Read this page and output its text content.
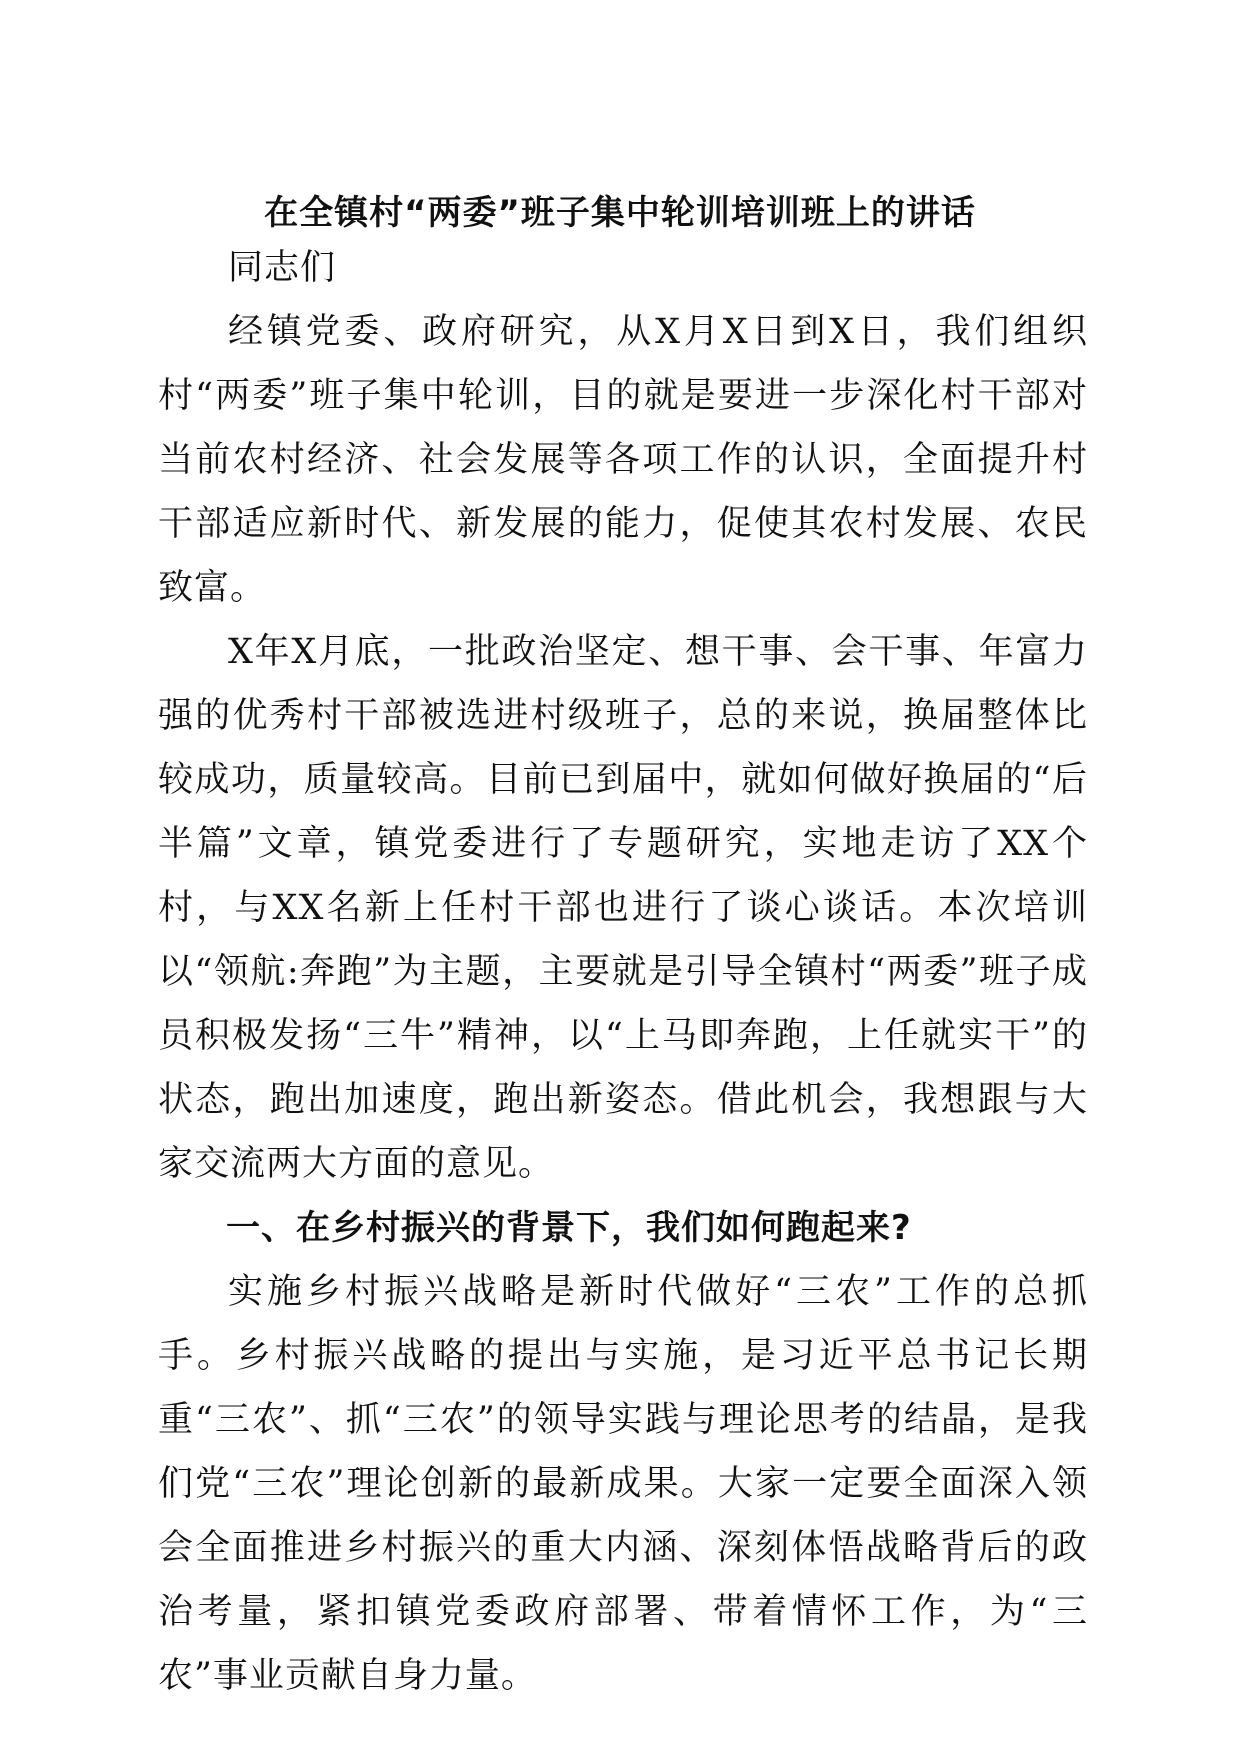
在全镇村“两委”班子集中轮训培训班上的讲话

同志们

经镇党委、政府研究，从X月X日到X日，我们组织村“两委”班子集中轮训，目的就是要进一步深化村干部对当前农村经济、社会发展等各项工作的认识，全面提升村干部适应新时代、新发展的能力，促使其农村发展、农民致富。

X年X月底，一批政治坚定、想干事、会干事、年富力强的优秀村干部被选进村级班子，总的来说，换届整体比较成功，质量较高。目前已到届中，就如何做好换届的“后半篇”文章，镇党委进行了专题研究，实地走访了XX个村，与XX名新上任村干部也进行了谈心谈话。本次培训以“领航:奔跑”为主题，主要就是引导全镇村“两委”班子成员积极发扬“三牛”精神，以“上马即奔跑，上任就实干”的状态，跑出加速度，跑出新姿态。借此机会，我想跟与大家交流两大方面的意见。

一、在乡村振兴的背景下，我们如何跑起来?

实施乡村振兴战略是新时代做好“三农”工作的总抓手。乡村振兴战略的提出与实施，是习近平总书记长期重“三农”、抓“三农”的领导实践与理论思考的结晶，是我们党“三农”理论创新的最新成果。大家一定要全面深入领会全面推进乡村振兴的重大内涵、深刻体悟战略背后的政治考量，紧扣镇党委政府部署、带着情怀工作，为“三农”事业贡献自身力量。
